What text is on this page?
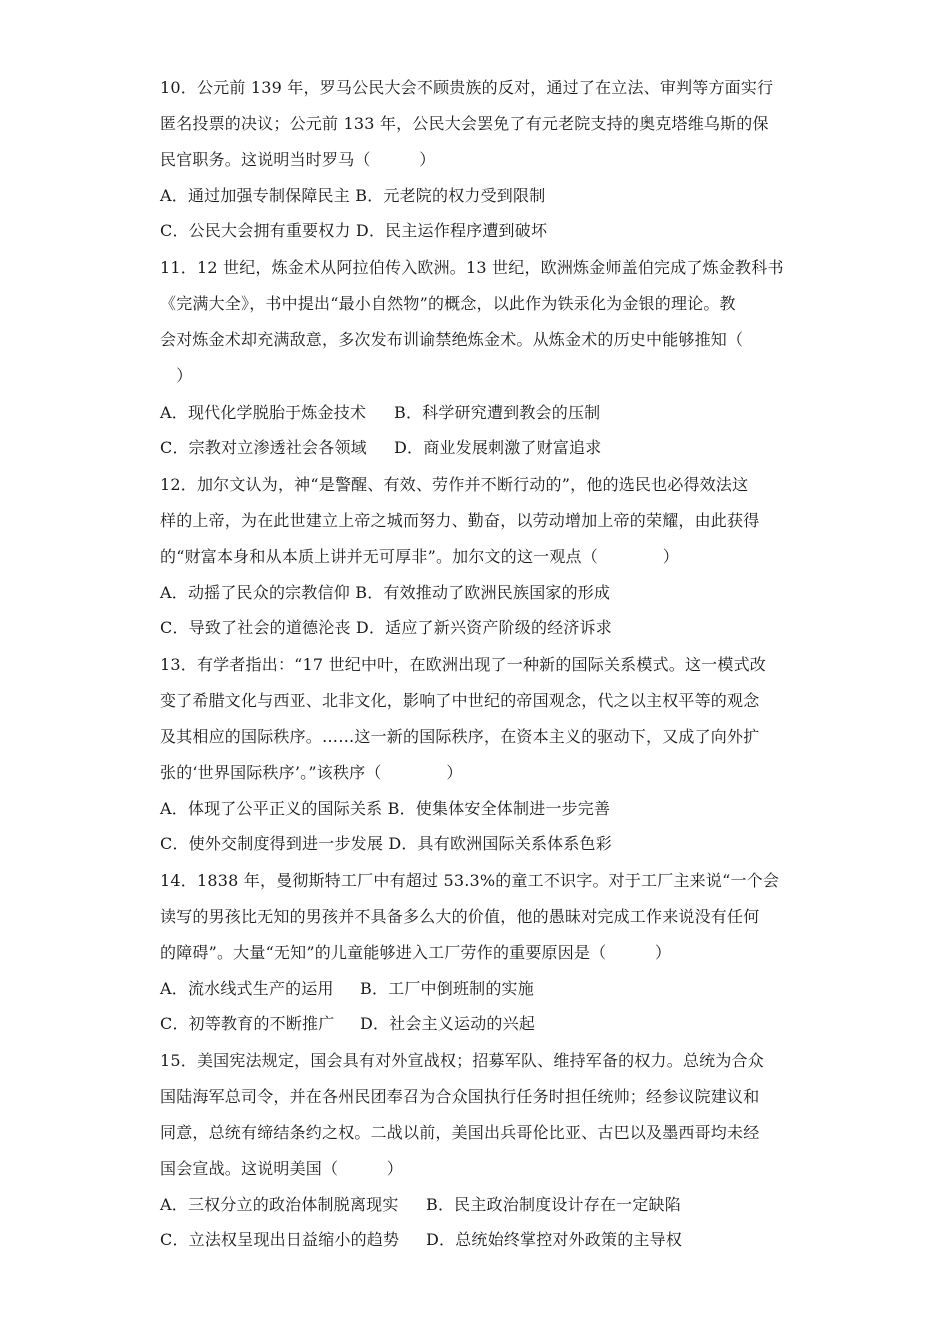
10．公元前 139 年，罗马公民大会不顾贵族的反对，通过了在立法、审判等方面实行
匿名投票的决议；公元前 133 年，公民大会罢免了有元老院支持的奥克塔维乌斯的保
民官职务。这说明当时罗马（　　　）
A．通过加强专制保障民主 B．元老院的权力受到限制
C．公民大会拥有重要权力 D．民主运作程序遭到破坏
11．12 世纪，炼金术从阿拉伯传入欧洲。13 世纪，欧洲炼金师盖伯完成了炼金教科书
《完满大全》，书中提出“最小自然物”的概念，以此作为铁汞化为金银的理论。教
会对炼金术却充满敌意，多次发布训谕禁绝炼金术。从炼金术的历史中能够推知（
　）
A．现代化学脱胎于炼金技术 B．科学研究遭到教会的压制
C．宗教对立渗透社会各领域 D．商业发展刺激了财富追求
12．加尔文认为，神“是警醒、有效、劳作并不断行动的”，他的选民也必得效法这
样的上帝，为在此世建立上帝之城而努力、勤奋，以劳动增加上帝的荣耀，由此获得
的“财富本身和从本质上讲并无可厚非”。加尔文的这一观点（　　　　）
A．动摇了民众的宗教信仰 B．有效推动了欧洲民族国家的形成
C．导致了社会的道德沦丧 D．适应了新兴资产阶级的经济诉求
13．有学者指出：“17 世纪中叶，在欧洲出现了一种新的国际关系模式。这一模式改
变了希腊文化与西亚、北非文化，影响了中世纪的帝国观念，代之以主权平等的观念
及其相应的国际秩序。……这一新的国际秩序，在资本主义的驱动下，又成了向外扩
张的‘世界国际秩序’。”该秩序（　　　　）
A．体现了公平正义的国际关系 B．使集体安全体制进一步完善
C．使外交制度得到进一步发展 D．具有欧洲国际关系体系色彩
14．1838 年，曼彻斯特工厂中有超过 53.3%的童工不识字。对于工厂主来说“一个会
读写的男孩比无知的男孩并不具备多么大的价值，他的愚昧对完成工作来说没有任何
的障碍”。大量“无知”的儿童能够进入工厂劳作的重要原因是（　　　）
A．流水线式生产的运用 B．工厂中倒班制的实施
C．初等教育的不断推广 D．社会主义运动的兴起
15．美国宪法规定，国会具有对外宣战权；招募军队、维持军备的权力。总统为合众
国陆海军总司令，并在各州民团奉召为合众国执行任务时担任统帅；经参议院建议和
同意，总统有缔结条约之权。二战以前，美国出兵哥伦比亚、古巴以及墨西哥均未经
国会宣战。这说明美国（　　　）
A．三权分立的政治体制脱离现实 B．民主政治制度设计存在一定缺陷
C．立法权呈现出日益缩小的趋势 D．总统始终掌控对外政策的主导权
